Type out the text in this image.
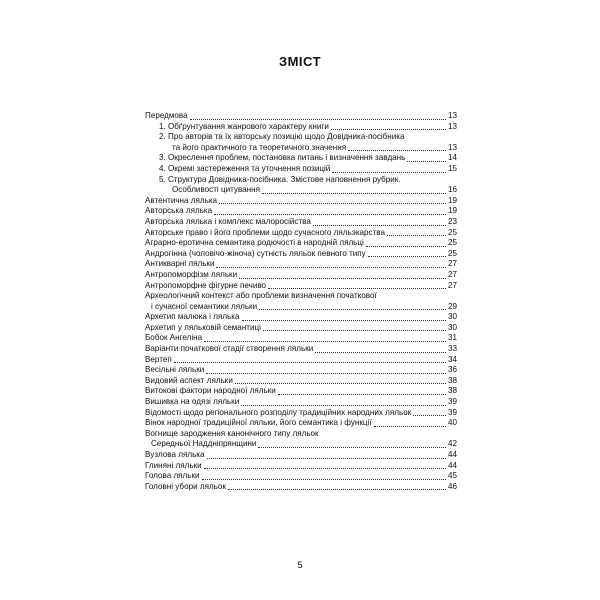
ЗМІСТ
Передмова	13
1. Обґрунтування жанрового характеру книги	13
2. Про авторів та їх авторську позицію щодо Довідника-посібника
та його практичного та теоретичного значення	13
3. Окреслення проблем, постановка питань і визначення завдань	14
4. Окремі застереження та уточнення позицій	15
5. Структура Довідника-посібника. Змістове наповнення рубрик.
Особливості цитування	16
Автентична лялька	19
Авторська лялька	19
Авторська лялька і комплекс малоросійства	23
Авторське право і його проблеми щодо сучасного ляльэкарства	25
Аграрно-еротична семантика родючості в народній ляльці	25
Андрогінна (чоловічо-жіноча) сутність ляльок певного типу	25
Антикварні ляльки	27
Антропоморфізм ляльки	27
Антропоморфне фігурне печиво	27
Археологічний контекст або проблеми визначення початкової
і сучасної семантики ляльки	29
Архетип малюка і лялька	30
Архетип у ляльковій семантиці	30
Бобок Ангеліна	31
Варіанти початкової стадії створення ляльки	33
Вертеп	34
Весільні ляльки	36
Видовий аспект ляльки	38
Витокові фактори народної ляльки	38
Вишивка на одязі ляльки	39
Відомості щодо регіонального розподілу традиційних народних ляльок	39
Вінок народної традиційної ляльки, його семантика і функції	40
Вогнище зародження канонічного типу ляльок
Середньої Наддніпрянщини	42
Вузлова лялька	44
Глиняні ляльки	44
Голова ляльки	45
Головні убори ляльок	46
5
